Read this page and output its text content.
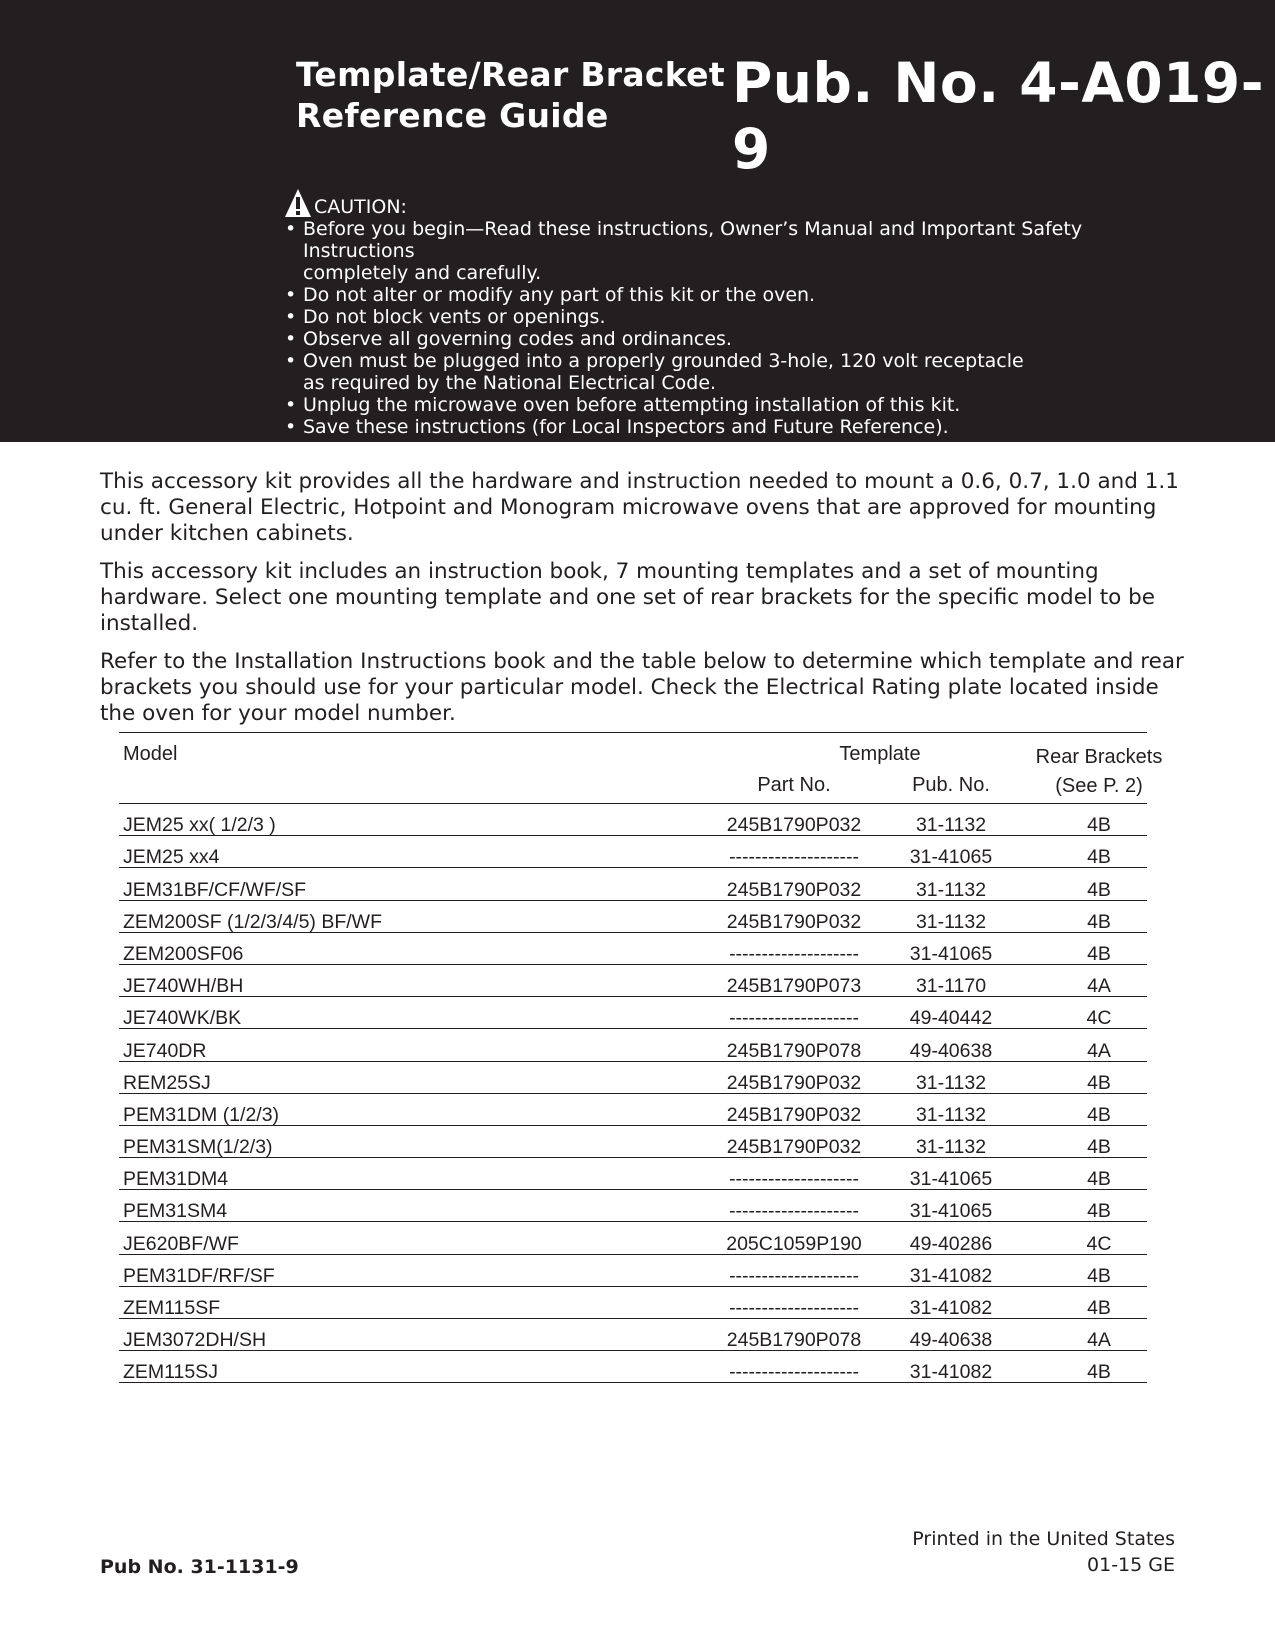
Template/Rear Bracket
Reference Guide
Pub. No. 4-A019-9
CAUTION:
• Before you begin—Read these instructions, Owner’s Manual and Important Safety Instructions
completely and carefully.
• Do not alter or modify any part of this kit or the oven.
• Do not block vents or openings.
• Observe all governing codes and ordinances.
• Oven must be plugged into a properly grounded 3-hole, 120 volt receptacle
as required by the National Electrical Code.
• Unplug the microwave oven before attempting installation of this kit.
• Save these instructions (for Local Inspectors and Future Reference).

This accessory kit provides all the hardware and instruction needed to mount a 0.6, 0.7, 1.0 and 1.1 cu. ft. General Electric, Hotpoint and Monogram microwave ovens that are approved for mounting under kitchen cabinets.

This accessory kit includes an instruction book, 7 mounting templates and a set of mounting hardware. Select one mounting template and one set of rear brackets for the specific model to be installed.

Refer to the Installation Instructions book and the table below to determine which template and rear brackets you should use for your particular model. Check the Electrical Rating plate located inside the oven for your model number.

Model	Template
Part No.	Pub. No.
Rear Brackets
(See P. 2)
JEM25 xx( 1/2/3 )	245B1790P032	31-1132	4B
JEM25 xx4	--------------------	31-41065	4B
JEM31BF/CF/WF/SF	245B1790P032	31-1132	4B
ZEM200SF (1/2/3/4/5) BF/WF	245B1790P032	31-1132	4B
ZEM200SF06	--------------------	31-41065	4B
JE740WH/BH	245B1790P073	31-1170	4A
JE740WK/BK	--------------------	49-40442	4C
JE740DR	245B1790P078	49-40638	4A
REM25SJ	245B1790P032	31-1132	4B
PEM31DM (1/2/3)	245B1790P032	31-1132	4B
PEM31SM(1/2/3)	245B1790P032	31-1132	4B
PEM31DM4	--------------------	31-41065	4B
PEM31SM4	--------------------	31-41065	4B
JE620BF/WF	205C1059P190	49-40286	4C
PEM31DF/RF/SF	--------------------	31-41082	4B
ZEM115SF	--------------------	31-41082	4B
JEM3072DH/SH	245B1790P078	49-40638	4A
ZEM115SJ	--------------------	31-41082	4B
Pub No. 31-1131-9
Printed in the United States
01-15 GE
